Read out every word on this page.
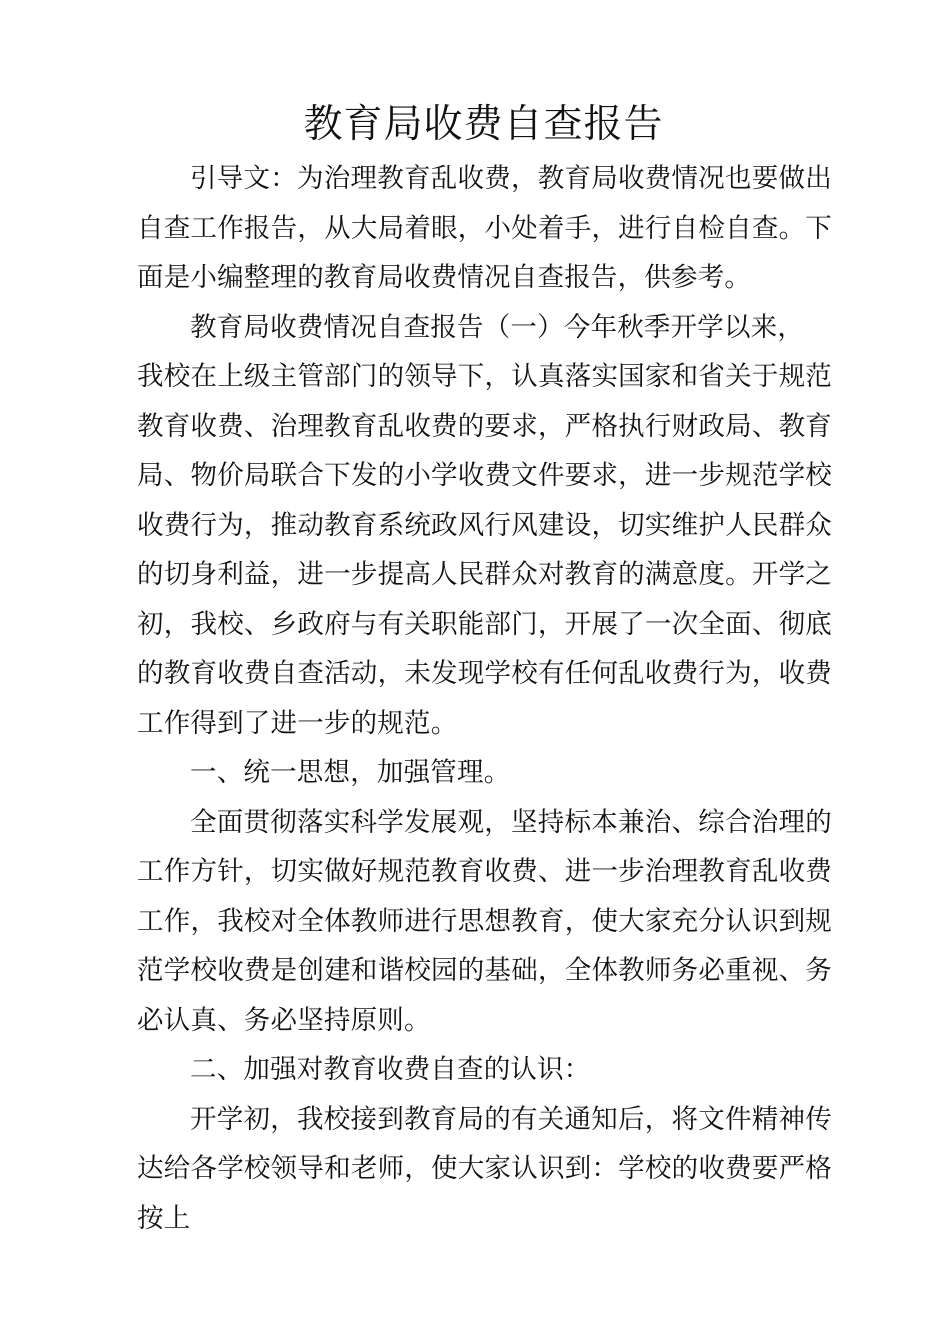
教育局收费自查报告

引导文：为治理教育乱收费，教育局收费情况也要做出自查工作报告，从大局着眼，小处着手，进行自检自查。下面是小编整理的教育局收费情况自查报告，供参考。

教育局收费情况自查报告（一）今年秋季开学以来，

我校在上级主管部门的领导下，认真落实国家和省关于规范教育收费、治理教育乱收费的要求，严格执行财政局、教育局、物价局联合下发的小学收费文件要求，进一步规范学校收费行为，推动教育系统政风行风建设，切实维护人民群众的切身利益，进一步提高人民群众对教育的满意度。开学之初，我校、乡政府与有关职能部门，开展了一次全面、彻底的教育收费自查活动，未发现学校有任何乱收费行为，收费工作得到了进一步的规范。

一、统一思想，加强管理。

全面贯彻落实科学发展观，坚持标本兼治、综合治理的工作方针，切实做好规范教育收费、进一步治理教育乱收费工作，我校对全体教师进行思想教育，使大家充分认识到规范学校收费是创建和谐校园的基础，全体教师务必重视、务必认真、务必坚持原则。

二、加强对教育收费自查的认识：

开学初，我校接到教育局的有关通知后，将文件精神传达给各学校领导和老师，使大家认识到：学校的收费要严格按上
